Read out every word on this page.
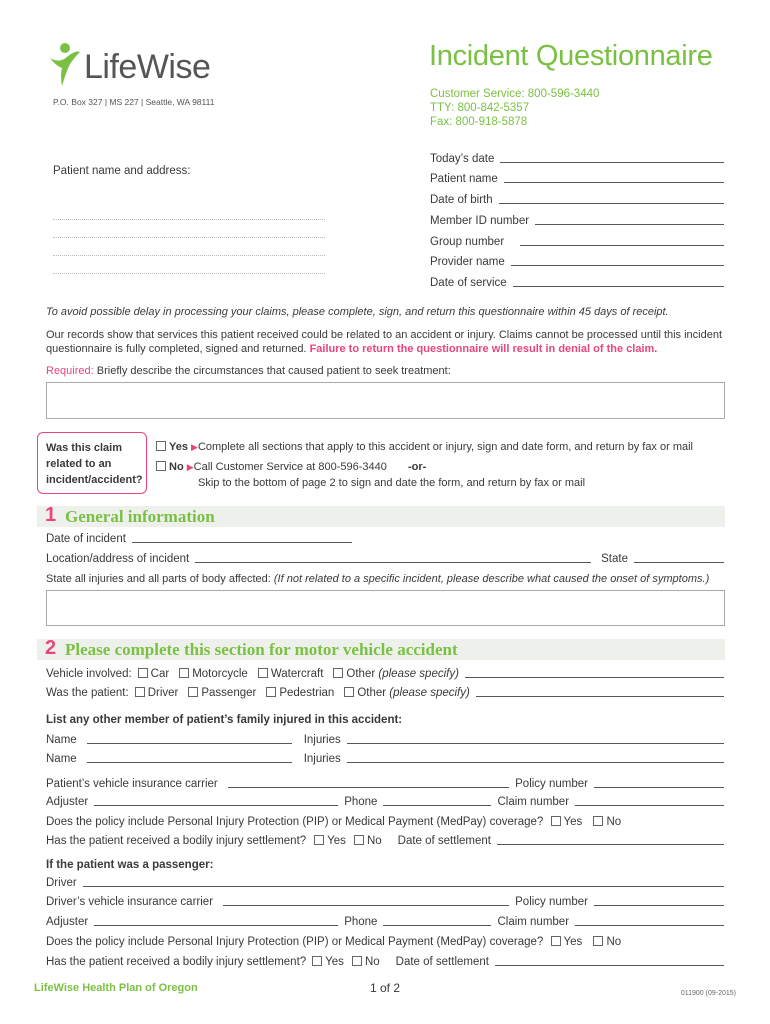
LifeWise
P.O. Box 327 | MS 227 | Seattle, WA 98111
Incident Questionnaire
Customer Service: 800-596-3440
TTY: 800-842-5357
Fax: 800-918-5878
Patient name and address:
Today’s date
Patient name
Date of birth
Member ID number
Group number
Provider name
Date of service
To avoid possible delay in processing your claims, please complete, sign, and return this questionnaire within 45 days of receipt.
Our records show that services this patient received could be related to an accident or injury. Claims cannot be processed until this incident questionnaire is fully completed, signed and returned. Failure to return the questionnaire will result in denial of the claim.
Required: Briefly describe the circumstances that caused patient to seek treatment:
Was this claim related to an incident/accident?
Yes ▶Complete all sections that apply to this accident or injury, sign and date form, and return by fax or mail
No ▶Call Customer Service at 800-596-3440 -or-
Skip to the bottom of page 2 to sign and date the form, and return by fax or mail
1 General information
Date of incident
Location/address of incident	State
State all injuries and all parts of body affected: (If not related to a specific incident, please describe what caused the onset of symptoms.)
2 Please complete this section for motor vehicle accident
Vehicle involved:	Car	Motorcycle	Watercraft	Other (please specify)
Was the patient:	Driver	Passenger	Pedestrian	Other (please specify)
List any other member of patient’s family injured in this accident:
Name	Injuries
Name	Injuries
Patient’s vehicle insurance carrier	Policy number
Adjuster	Phone	Claim number
Does the policy include Personal Injury Protection (PIP) or Medical Payment (MedPay) coverage? Yes No
Has the patient received a bodily injury settlement?	Yes	No Date of settlement
If the patient was a passenger:
Driver
Driver’s vehicle insurance carrier	Policy number
Adjuster	Phone	Claim number
Does the policy include Personal Injury Protection (PIP) or Medical Payment (MedPay) coverage? Yes No
Has the patient received a bodily injury settlement?	Yes	No Date of settlement
LifeWise Health Plan of Oregon	1 of 2	011900 (09-2015)
